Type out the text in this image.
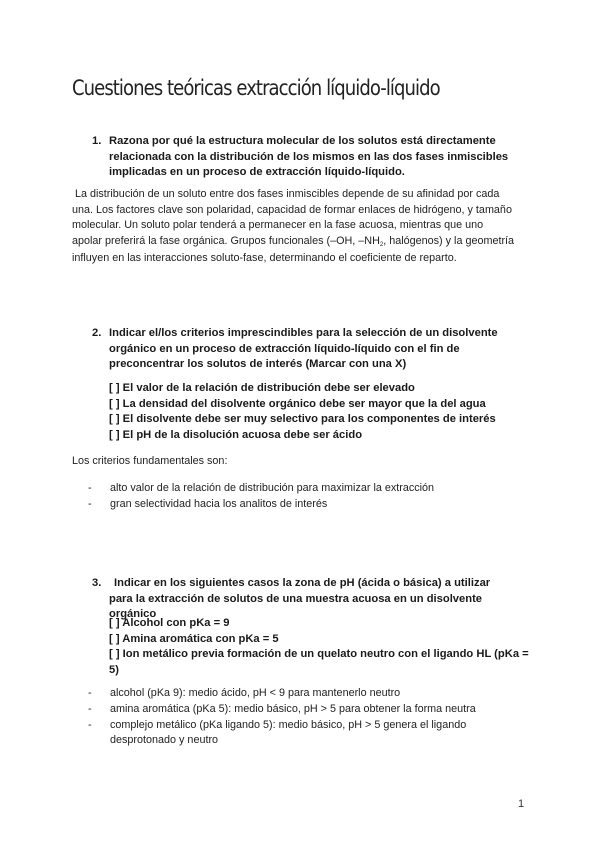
Cuestiones teóricas extracción líquido-líquido
1. Razona por qué la estructura molecular de los solutos está directamente relacionada con la distribución de los mismos en las dos fases inmiscibles implicadas en un proceso de extracción líquido-líquido.
La distribución de un soluto entre dos fases inmiscibles depende de su afinidad por cada
una. Los factores clave son polaridad, capacidad de formar enlaces de hidrógeno, y tamaño
molecular. Un soluto polar tenderá a permanecer en la fase acuosa, mientras que uno
apolar preferirá la fase orgánica. Grupos funcionales (–OH, $-NH_2$, halógenos) y la geometría
influyen en las interacciones soluto-fase, determinando el coeficiente de reparto.
2. Indicar el/los criterios imprescindibles para la selección de un disolvente orgánico en un proceso de extracción líquido-líquido con el fin de preconcentrar los solutos de interés (Marcar con una X)
[ ] El valor de la relación de distribución debe ser elevado
[ ] La densidad del disolvente orgánico debe ser mayor que la del agua
[ ] El disolvente debe ser muy selectivo para los componentes de interés
[ ] El pH de la disolución acuosa debe ser ácido
Los criterios fundamentales son:
- alto valor de la relación de distribución para maximizar la extracción
- gran selectividad hacia los analitos de interés
3.	Indicar en los siguientes casos la zona de pH (ácida o básica) a utilizar para la extracción de solutos de una muestra acuosa en un disolvente orgánico
[ ] Alcohol con pKa = 9
[ ] Amina aromática con pKa = 5
[ ] Ion metálico previa formación de un quelato neutro con el ligando HL (pKa =
5)
- alcohol (pKa 9): medio ácido, pH < 9 para mantenerlo neutro
- amina aromática (pKa 5): medio básico, pH > 5 para obtener la forma neutra
- complejo metálico (pKa ligando 5): medio básico, pH > 5 genera el ligando
desprotonado y neutro
1
